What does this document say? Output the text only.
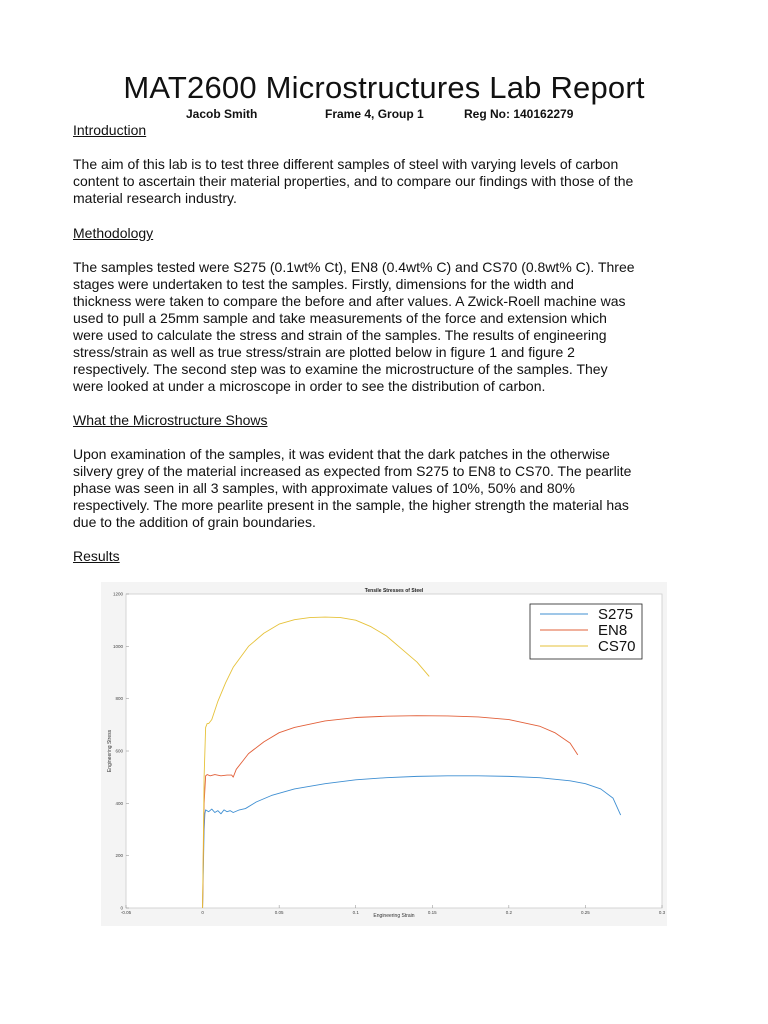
MAT2600 Microstructures Lab Report
Jacob Smith	Frame 4, Group 1	Reg No: 140162279
Introduction

The aim of this lab is to test three different samples of steel with varying levels of carbon
content to ascertain their material properties, and to compare our findings with those of the
material research industry.

Methodology

The samples tested were S275 (0.1wt% Ct), EN8 (0.4wt% C) and CS70 (0.8wt% C). Three
stages were undertaken to test the samples. Firstly, dimensions for the width and
thickness were taken to compare the before and after values. A Zwick-Roell machine was
used to pull a 25mm sample and take measurements of the force and extension which
were used to calculate the stress and strain of the samples. The results of engineering
stress/strain as well as true stress/strain are plotted below in figure 1 and figure 2
respectively. The second step was to examine the microstructure of the samples. They
were looked at under a microscope in order to see the distribution of carbon.

What the Microstructure Shows

Upon examination of the samples, it was evident that the dark patches in the otherwise
silvery grey of the material increased as expected from S275 to EN8 to CS70. The pearlite
phase was seen in all 3 samples, with approximate values of 10%, 50% and 80%
respectively. The more pearlite present in the sample, the higher strength the material has
due to the addition of grain boundaries.

Results
Tensile Stresses of Steel
Engineering Strain
Engineering Stress
-0.05	0	0.05	0.1	0.15	0.2	0.25	0.3
0
200
400
600
800
1000
1200
S275
EN8
CS70
